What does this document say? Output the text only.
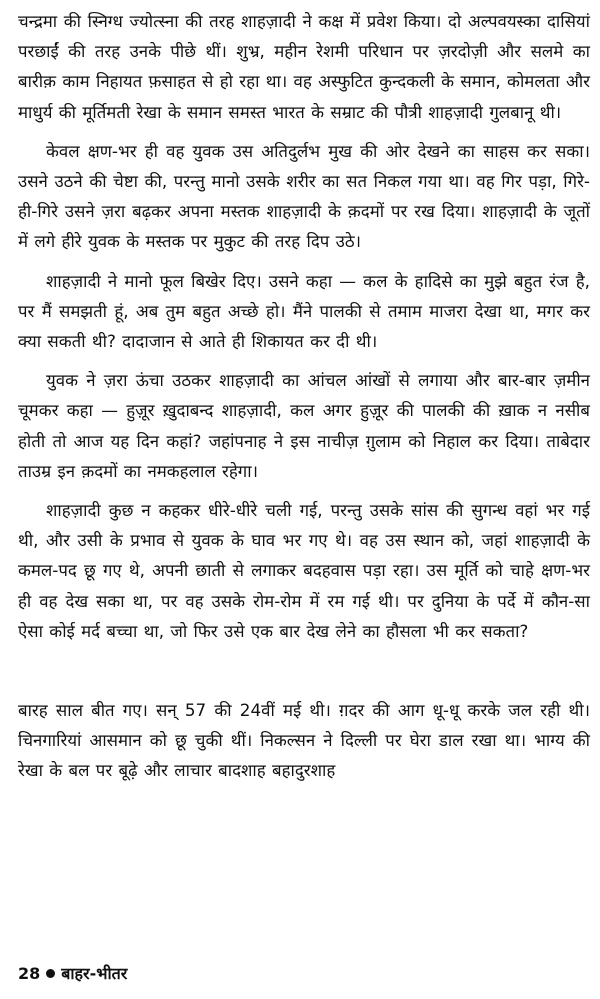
चन्द्रमा की स्निग्ध ज्योत्स्ना की तरह शाहज़ादी ने कक्ष में प्रवेश किया। दो अल्पवयस्का दासियां परछाईं की तरह उनके पीछे थीं। शुभ्र, महीन रेशमी परिधान पर ज़रदोज़ी और सलमे का बारीक़ काम निहायत फ़साहत से हो रहा था। वह अस्फुटित कुन्दकली के समान, कोमलता और माधुर्य की मूर्तिमती रेखा के समान समस्त भारत के सम्राट की पौत्री शाहज़ादी गुलबानू थी।

केवल क्षण-भर ही वह युवक उस अतिदुर्लभ मुख की ओर देखने का साहस कर सका। उसने उठने की चेष्टा की, परन्तु मानो उसके शरीर का सत निकल गया था। वह गिर पड़ा, गिरे-ही-गिरे उसने ज़रा बढ़कर अपना मस्तक शाहज़ादी के क़दमों पर रख दिया। शाहज़ादी के जूतों में लगे हीरे युवक के मस्तक पर मुकुट की तरह दिप उठे।

शाहज़ादी ने मानो फूल बिखेर दिए। उसने कहा — कल के हादिसे का मुझे बहुत रंज है, पर मैं समझती हूं, अब तुम बहुत अच्छे हो। मैंने पालकी से तमाम माजरा देखा था, मगर कर क्या सकती थी? दादाजान से आते ही शिकायत कर दी थी।

युवक ने ज़रा ऊंचा उठकर शाहज़ादी का आंचल आंखों से लगाया और बार-बार ज़मीन चूमकर कहा — हुज़ूर ख़ुदाबन्द शाहज़ादी, कल अगर हुज़ूर की पालकी की ख़ाक न नसीब होती तो आज यह दिन कहां? जहांपनाह ने इस नाचीज़ ग़ुलाम को निहाल कर दिया। ताबेदार ताउम्र इन क़दमों का नमकहलाल रहेगा।

शाहज़ादी कुछ न कहकर धीरे-धीरे चली गई, परन्तु उसके सांस की सुगन्ध वहां भर गई थी, और उसी के प्रभाव से युवक के घाव भर गए थे। वह उस स्थान को, जहां शाहज़ादी के कमल-पद छू गए थे, अपनी छाती से लगाकर बदहवास पड़ा रहा। उस मूर्ति को चाहे क्षण-भर ही वह देख सका था, पर वह उसके रोम-रोम में रम गई थी। पर दुनिया के पर्दे में कौन-सा ऐसा कोई मर्द बच्चा था, जो फिर उसे एक बार देख लेने का हौसला भी कर सकता?

बारह साल बीत गए। सन् 57 की 24वीं मई थी। ग़दर की आग धू-धू करके जल रही थी। चिनगारियां आसमान को छू चुकी थीं। निकल्सन ने दिल्ली पर घेरा डाल रखा था। भाग्य की रेखा के बल पर बूढ़े और लाचार बादशाह बहादुरशाह

28 बाहर-भीतर
